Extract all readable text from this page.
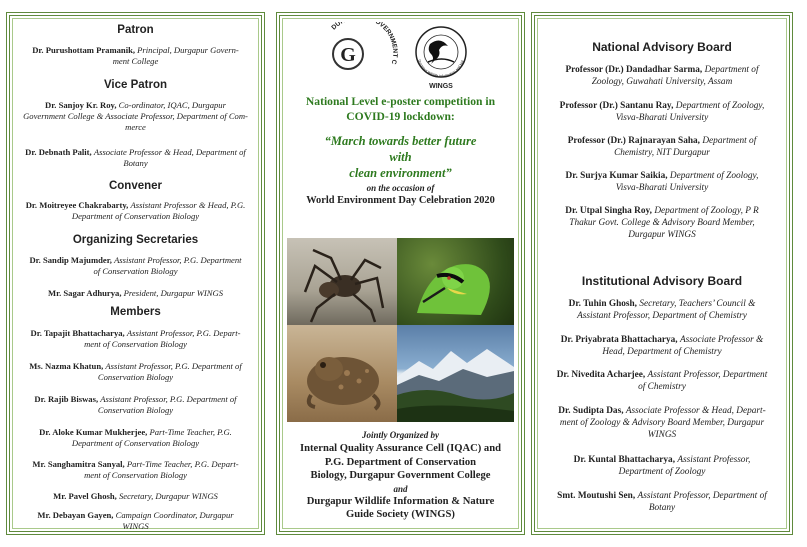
Patron

Dr. Purushottam Pramanik, Principal, Durgapur Govern-

ment College

Vice Patron

Dr. Sanjoy Kr. Roy, Co-ordinator, IQAC, Durgapur

Government College & Associate Professor, Department of Com-

merce

Dr. Debnath Palit, Associate Professor & Head, Department of

Botany

Convener

Dr. Moitreyee Chakrabarty, Assistant Professor & Head, P.G.

Department of Conservation Biology

Organizing Secretaries

Dr. Sandip Majumder, Assistant Professor, P.G. Department

of Conservation Biology

Mr. Sagar Adhurya, President, Durgapur WINGS

Members

Dr. Tapajit Bhattacharya, Assistant Professor, P.G. Depart-

ment of Conservation Biology

Ms. Nazma Khatun, Assistant Professor, P.G. Department of

Conservation Biology

Dr. Rajib Biswas, Assistant Professor, P.G. Department of

Conservation Biology

Dr. Aloke Kumar Mukherjee, Part-Time Teacher, P.G.

Department of Conservation Biology

Mr. Sanghamitra Sanyal, Part-Time Teacher, P.G. Depart-

ment of Conservation Biology

Mr. Pavel Ghosh, Secretary, Durgapur WINGS

Mr. Debayan Gayen, Campaign Coordinator, Durgapur

WINGS

G
DU OVERNMENT C	Durgapur Wildlife Information and Nat
WINGS

National Level e-poster competition in

COVID-19 lockdown:

“March towards better future

with

clean environment”

on the occasion of

World Environment Day Celebration 2020

Jointly Organized by

Internal Quality Assurance Cell (IQAC) and

P.G. Department of Conservation

Biology, Durgapur Government College

and

Durgapur Wildlife Information & Nature

Guide Society (WINGS)

National Advisory Board

Professor (Dr.) Dandadhar Sarma, Department of

Zoology, Guwahati University, Assam

Professor (Dr.) Santanu Ray, Department of Zoology,

Visva-Bharati University

Professor (Dr.) Rajnarayan Saha, Department of

Chemistry, NIT Durgapur

Dr. Surjya Kumar Saikia, Department of Zoology,

Visva-Bharati University

Dr. Utpal Singha Roy, Department of Zoology, P R

Thakur Govt. College & Advisory Board Member,

Durgapur WINGS

Institutional Advisory Board

Dr. Tuhin Ghosh, Secretary, Teachers’ Council &

Assistant Professor, Department of Chemistry

Dr. Priyabrata Bhattacharya, Associate Professor &

Head, Department of Chemistry

Dr. Nivedita Acharjee, Assistant Professor, Department

of Chemistry

Dr. Sudipta Das, Associate Professor & Head, Depart-

ment of Zoology & Advisory Board Member, Durgapur

WINGS

Dr. Kuntal Bhattacharya, Assistant Professor,

Department of Zoology

Smt. Moutushi Sen, Assistant Professor, Department of

Botany
